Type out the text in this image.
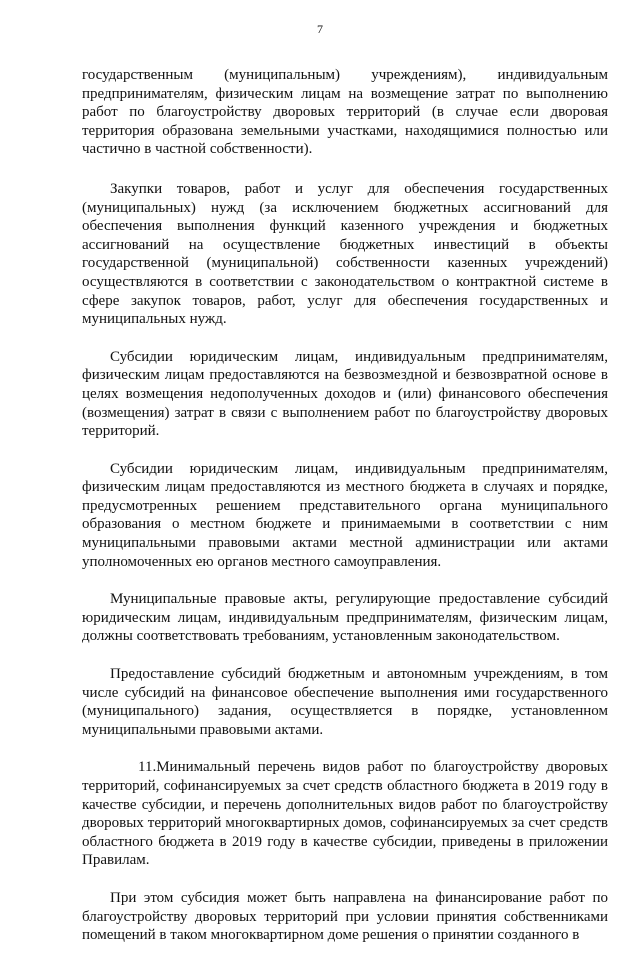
7

государственным (муниципальным) учреждениям), индивидуальным предпринимателям, физическим лицам на возмещение затрат по выполнению работ по благоустройству дворовых территорий (в случае если дворовая территория образована земельными участками, находящимися полностью или частично в частной собственности).

Закупки товаров, работ и услуг для обеспечения государственных (муниципальных) нужд (за исключением бюджетных ассигнований для обеспечения выполнения функций казенного учреждения и бюджетных ассигнований на осуществление бюджетных инвестиций в объекты государственной (муниципальной) собственности казенных учреждений) осуществляются в соответствии с законодательством о контрактной системе в сфере закупок товаров, работ, услуг для обеспечения государственных и муниципальных нужд.

Субсидии юридическим лицам, индивидуальным предпринимателям, физическим лицам предоставляются на безвозмездной и безвозвратной основе в целях возмещения недополученных доходов и (или) финансового обеспечения (возмещения) затрат в связи с выполнением работ по благоустройству дворовых территорий.

Субсидии юридическим лицам, индивидуальным предпринимателям, физическим лицам предоставляются из местного бюджета в случаях и порядке, предусмотренных решением представительного органа муниципального образования о местном бюджете и принимаемыми в соответствии с ним муниципальными правовыми актами местной администрации или актами уполномоченных ею органов местного самоуправления.

Муниципальные правовые акты, регулирующие предоставление субсидий юридическим лицам, индивидуальным предпринимателям, физическим лицам, должны соответствовать требованиям, установленным законодательством.

Предоставление субсидий бюджетным и автономным учреждениям, в том числе субсидий на финансовое обеспечение выполнения ими государственного (муниципального) задания, осуществляется в порядке, установленном муниципальными правовыми актами.

11.Минимальный перечень видов работ по благоустройству дворовых территорий, софинансируемых за счет средств областного бюджета в 2019 году в качестве субсидии, и перечень дополнительных видов работ по благоустройству дворовых территорий многоквартирных домов, софинансируемых за счет средств областного бюджета в 2019 году в качестве субсидии, приведены в приложении Правилам.

При этом субсидия может быть направлена на финансирование работ по благоустройству дворовых территорий при условии принятия собственниками помещений в таком многоквартирном доме решения о принятии созданного в
